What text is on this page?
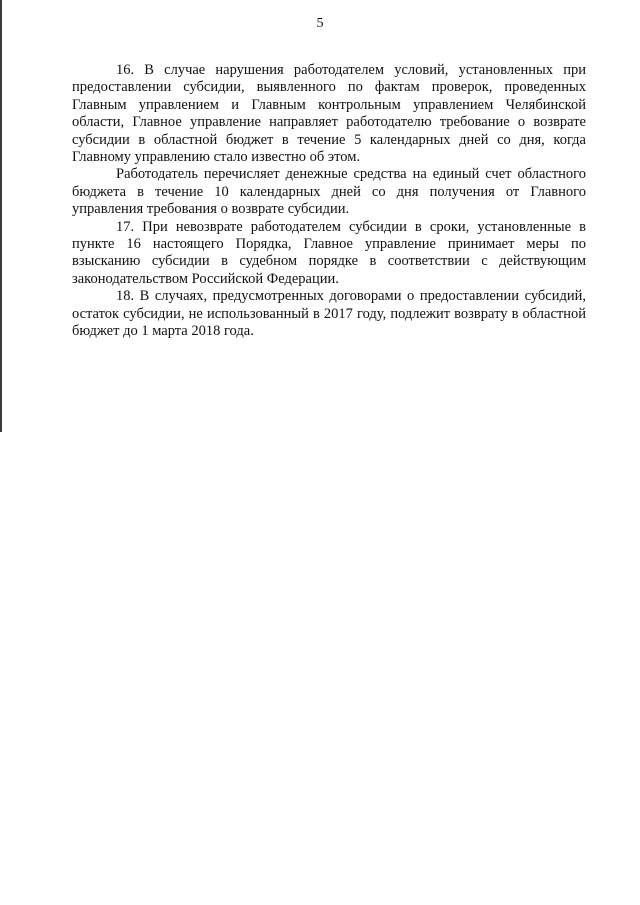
5

16. В случае нарушения работодателем условий, установленных при предоставлении субсидии, выявленного по фактам проверок, проведенных Главным управлением и Главным контрольным управлением Челябинской области, Главное управление направляет работодателю требование о возврате субсидии в областной бюджет в течение 5 календарных дней со дня, когда Главному управлению стало известно об этом.

Работодатель перечисляет денежные средства на единый счет областного бюджета в течение 10 календарных дней со дня получения от Главного управления требования о возврате субсидии.

17. При невозврате работодателем субсидии в сроки, установленные в пункте 16 настоящего Порядка, Главное управление принимает меры по взысканию субсидии в судебном порядке в соответствии с действующим законодательством Российской Федерации.

18. В случаях, предусмотренных договорами о предоставлении субсидий, остаток субсидии, не использованный в 2017 году, подлежит возврату в областной бюджет до 1 марта 2018 года.
